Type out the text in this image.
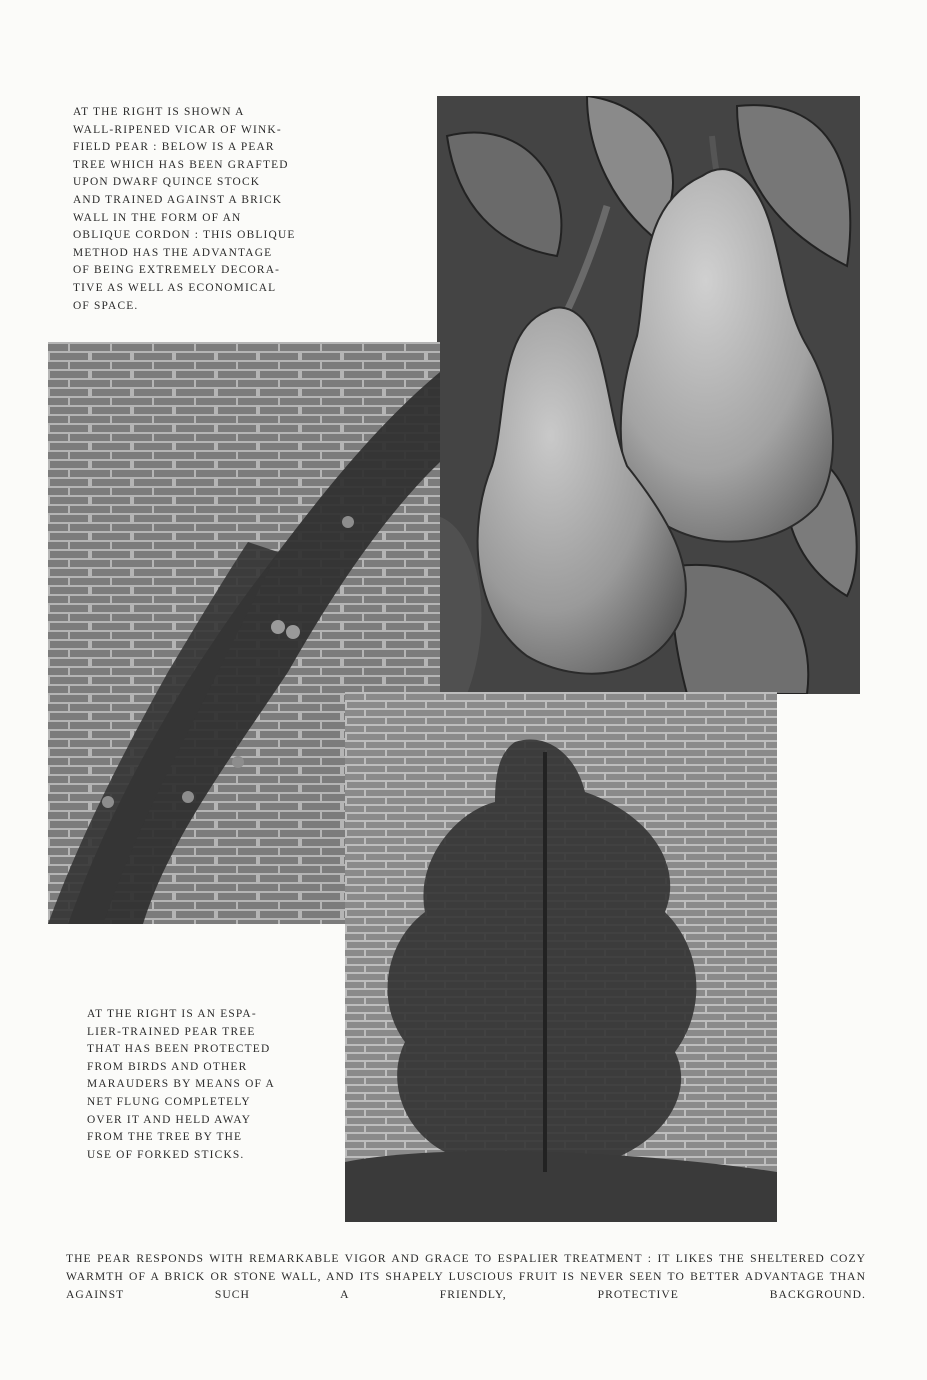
AT THE RIGHT IS SHOWN A
WALL-RIPENED VICAR OF WINK-
FIELD PEAR : BELOW IS A PEAR
TREE WHICH HAS BEEN GRAFTED
UPON DWARF QUINCE STOCK
AND TRAINED AGAINST A BRICK
WALL IN THE FORM OF AN
OBLIQUE CORDON : THIS OBLIQUE
METHOD HAS THE ADVANTAGE
OF BEING EXTREMELY DECORA-
TIVE AS WELL AS ECONOMICAL
OF SPACE.

AT THE RIGHT IS AN ESPA-
LIER-TRAINED PEAR TREE
THAT HAS BEEN PROTECTED
FROM BIRDS AND OTHER
MARAUDERS BY MEANS OF A
NET FLUNG COMPLETELY
OVER IT AND HELD AWAY
FROM THE TREE BY THE
USE OF FORKED STICKS.

THE PEAR RESPONDS WITH REMARKABLE VIGOR AND GRACE TO ESPALIER TREATMENT : IT LIKES THE SHELTERED COZY WARMTH OF A BRICK OR STONE WALL, AND ITS SHAPELY LUSCIOUS FRUIT IS NEVER SEEN TO BETTER ADVANTAGE THAN AGAINST SUCH A FRIENDLY, PROTECTIVE BACKGROUND.
